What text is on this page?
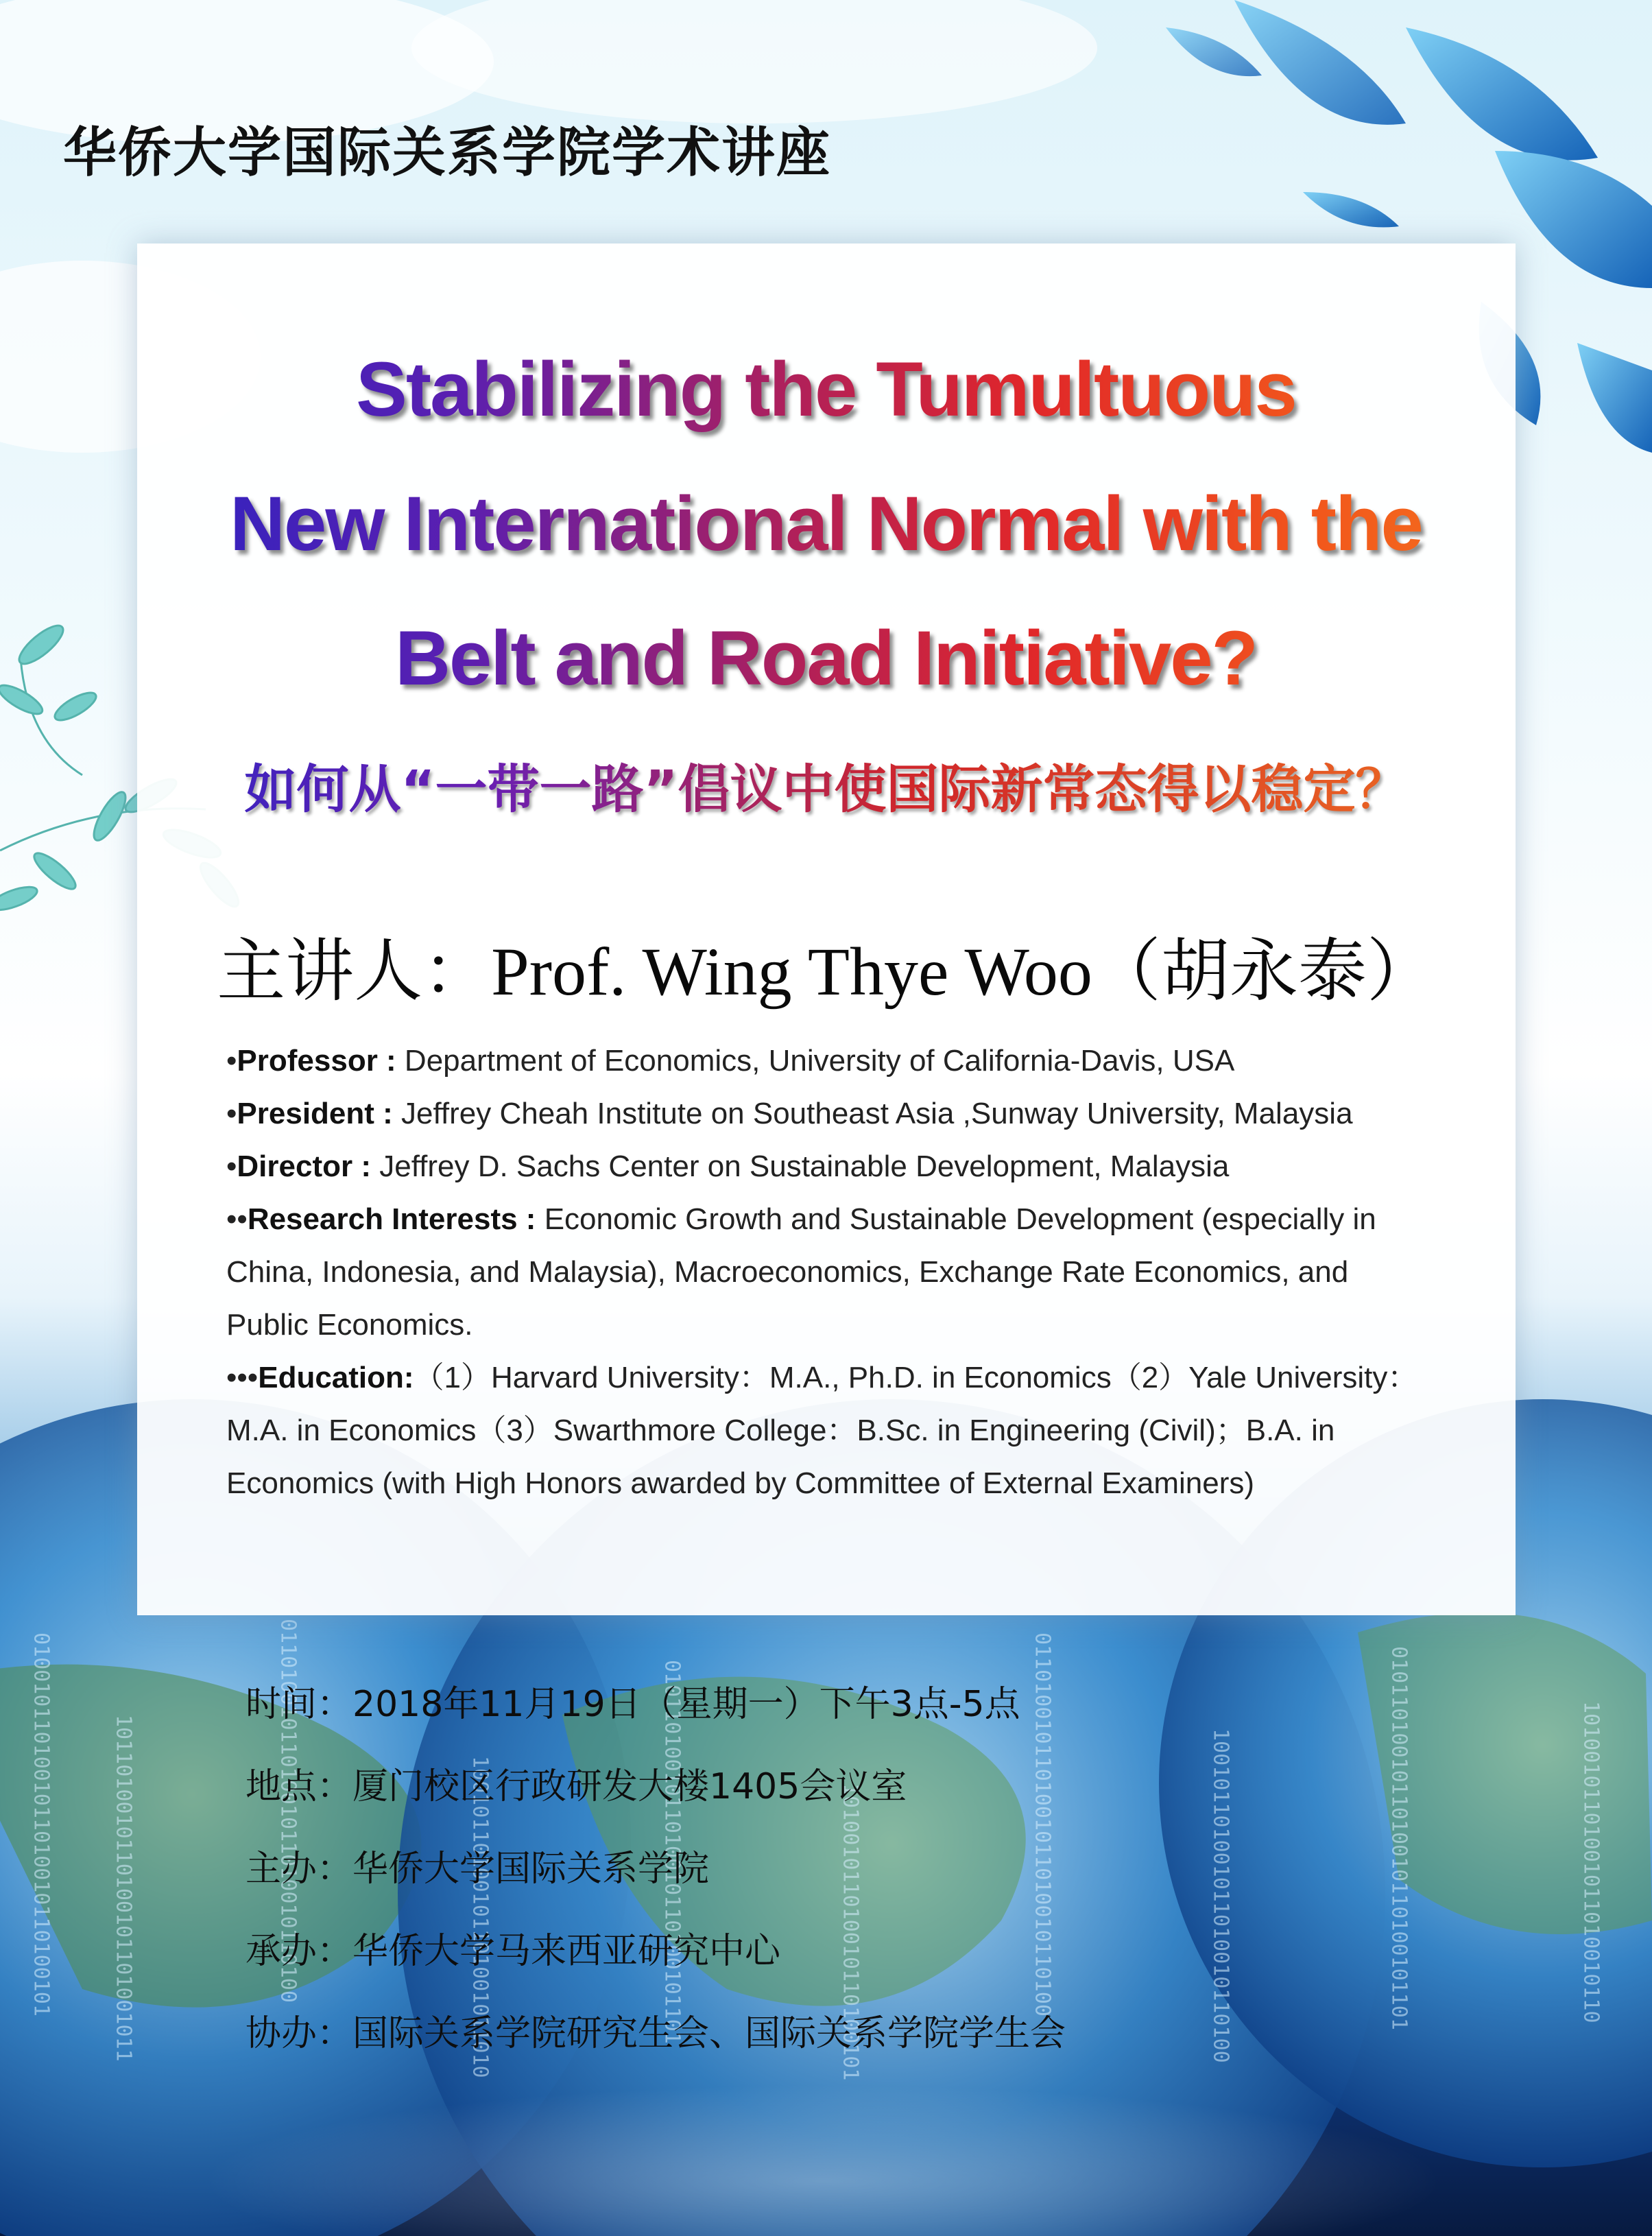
0100101101001011010010110100101	1011010010110100101101001011	0110100101101001011010010110100	10010110100101101001011010	0101101001011010010110100101101	101001011010010110100101	0110100101101001011010010110100	100101101001011010010110100	0101101001011010010110100101101	10100101101001011010010110
华侨大学国际关系学院学术讲座
Stabilizing the Tumultuous
New International Normal with the
Belt and Road Initiative?
如何从“一带一路”倡议中使国际新常态得以稳定？
主讲人：Prof. Wing Thye Woo（胡永泰）

•Professor : Department of Economics, University of California-Davis, USA

•President : Jeffrey Cheah Institute on Southeast Asia ,Sunway University, Malaysia

•Director : Jeffrey D. Sachs Center on Sustainable Development, Malaysia

••Research Interests : Economic Growth and Sustainable Development (especially in China, Indonesia, and Malaysia), Macroeconomics, Exchange Rate Economics, and Public Economics.

•••Education:（1）Harvard University：M.A., Ph.D. in Economics（2）Yale University：M.A. in Economics（3）Swarthmore College：B.Sc. in Engineering (Civil)；B.A. in Economics (with High Honors awarded by Committee of External Examiners)

时间：2018年11月19日（星期一）下午3点-5点

地点：厦门校区行政研发大楼1405会议室

主办：华侨大学国际关系学院

承办：华侨大学马来西亚研究中心

协办：国际关系学院研究生会、国际关系学院学生会
